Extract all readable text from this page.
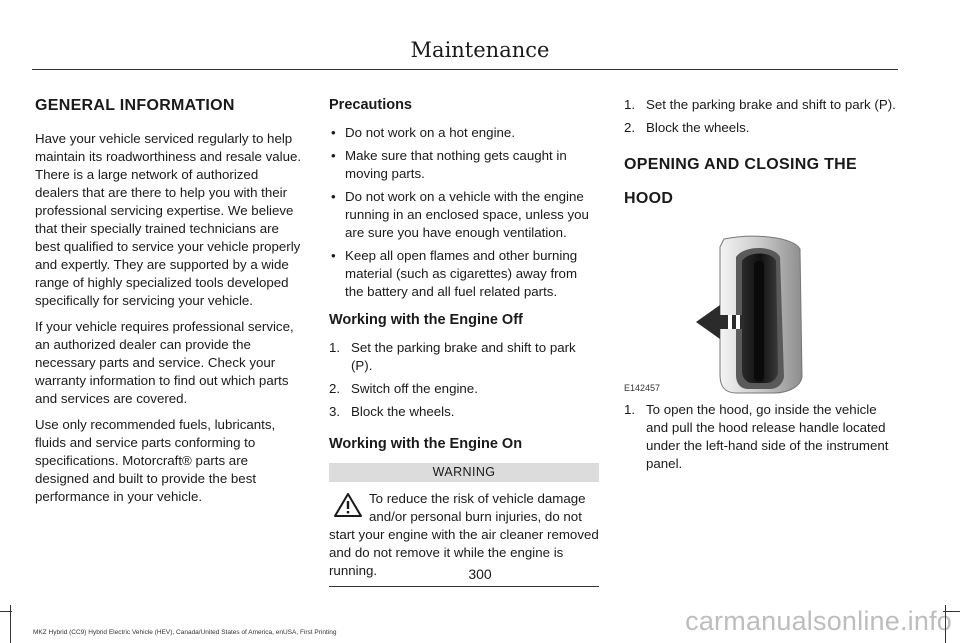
Maintenance
GENERAL INFORMATION

Have your vehicle serviced regularly to help maintain its roadworthiness and resale value. There is a large network of authorized dealers that are there to help you with their professional servicing expertise. We believe that their specially trained technicians are best qualified to service your vehicle properly and expertly. They are supported by a wide range of highly specialized tools developed specifically for servicing your vehicle.

If your vehicle requires professional service, an authorized dealer can provide the necessary parts and service. Check your warranty information to find out which parts and services are covered.

Use only recommended fuels, lubricants, fluids and service parts conforming to specifications. Motorcraft® parts are designed and built to provide the best performance in your vehicle.

Precautions
• Do not work on a hot engine.
• Make sure that nothing gets caught in moving parts.
• Do not work on a vehicle with the engine running in an enclosed space, unless you are sure you have enough ventilation.
• Keep all open flames and other burning material (such as cigarettes) away from the battery and all fuel related parts.
Working with the Engine Off
1. Set the parking brake and shift to park (P).
2. Switch off the engine.
3. Block the wheels.
Working with the Engine On
WARNING
To reduce the risk of vehicle damage and/or personal burn injuries, do not start your engine with the air cleaner removed and do not remove it while the engine is running.
1. Set the parking brake and shift to park (P).
2. Block the wheels.
OPENING AND CLOSING THE
HOOD
E142457
1. To open the hood, go inside the vehicle and pull the hood release handle located under the left-hand side of the instrument panel.
300
MKZ Hybrid (CC9) Hybrid Electric Vehicle (HEV), Canada/United States of America, enUSA, First Printing	carmanualsonline.info
